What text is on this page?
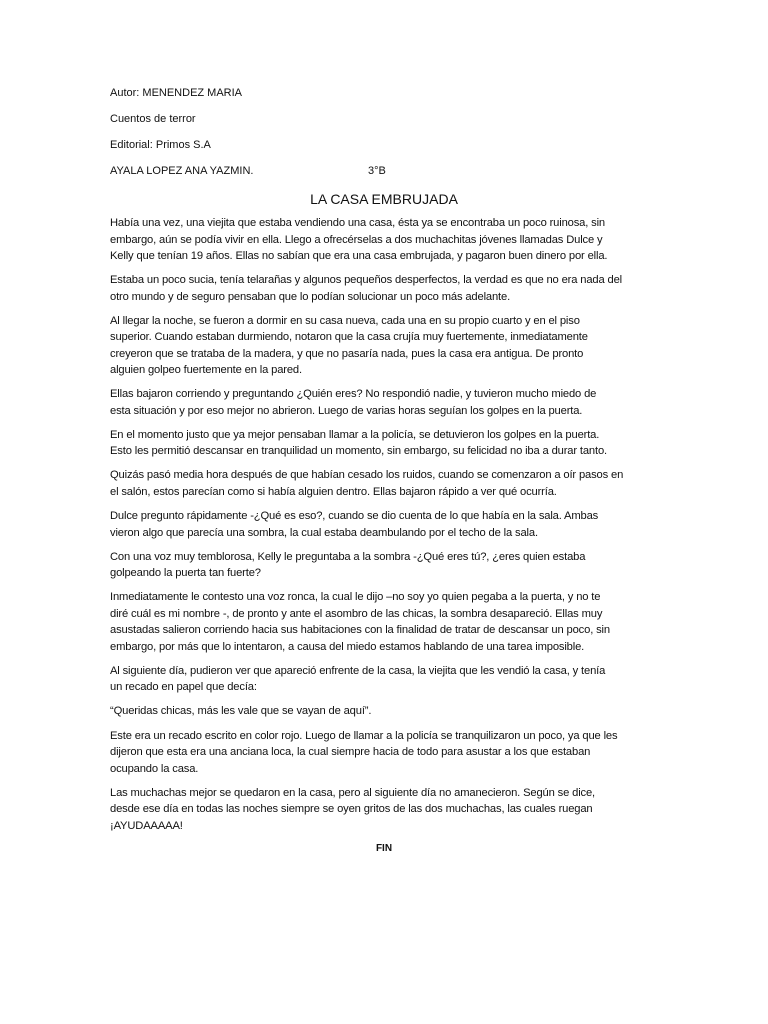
Autor: MENENDEZ MARIA
Cuentos de terror
Editorial: Primos S.A
AYALA LOPEZ ANA YAZMIN.	3°B
LA CASA EMBRUJADA
Había una vez, una viejita que estaba vendiendo una casa, ésta ya se encontraba un poco ruinosa, sin
embargo, aún se podía vivir en ella. Llego a ofrecérselas a dos muchachitas jóvenes llamadas Dulce y
Kelly que tenían 19 años. Ellas no sabían que era una casa embrujada, y pagaron buen dinero por ella.
Estaba un poco sucia, tenía telarañas y algunos pequeños desperfectos, la verdad es que no era nada del
otro mundo y de seguro pensaban que lo podían solucionar un poco más adelante.
Al llegar la noche, se fueron a dormir en su casa nueva, cada una en su propio cuarto y en el piso
superior. Cuando estaban durmiendo, notaron que la casa crujía muy fuertemente, inmediatamente
creyeron que se trataba de la madera, y que no pasaría nada, pues la casa era antigua. De pronto
alguien golpeo fuertemente en la pared.
Ellas bajaron corriendo y preguntando ¿Quién eres? No respondió nadie, y tuvieron mucho miedo de
esta situación y por eso mejor no abrieron. Luego de varias horas seguían los golpes en la puerta.
En el momento justo que ya mejor pensaban llamar a la policía, se detuvieron los golpes en la puerta.
Esto les permitió descansar en tranquilidad un momento, sin embargo, su felicidad no iba a durar tanto.
Quizás pasó media hora después de que habían cesado los ruidos, cuando se comenzaron a oír pasos en
el salón, estos parecían como si había alguien dentro. Ellas bajaron rápido a ver qué ocurría.
Dulce pregunto rápidamente -¿Qué es eso?, cuando se dio cuenta de lo que había en la sala. Ambas
vieron algo que parecía una sombra, la cual estaba deambulando por el techo de la sala.
Con una voz muy temblorosa, Kelly le preguntaba a la sombra -¿Qué eres tú?, ¿eres quien estaba
golpeando la puerta tan fuerte?
Inmediatamente le contesto una voz ronca, la cual le dijo –no soy yo quien pegaba a la puerta, y no te
diré cuál es mi nombre -, de pronto y ante el asombro de las chicas, la sombra desapareció. Ellas muy
asustadas salieron corriendo hacia sus habitaciones con la finalidad de tratar de descansar un poco, sin
embargo, por más que lo intentaron, a causa del miedo estamos hablando de una tarea imposible.
Al siguiente día, pudieron ver que apareció enfrente de la casa, la viejita que les vendió la casa, y tenía
un recado en papel que decía:
“Queridas chicas, más les vale que se vayan de aquí”.
Este era un recado escrito en color rojo. Luego de llamar a la policía se tranquilizaron un poco, ya que les
dijeron que esta era una anciana loca, la cual siempre hacia de todo para asustar a los que estaban
ocupando la casa.
Las muchachas mejor se quedaron en la casa, pero al siguiente día no amanecieron. Según se dice,
desde ese día en todas las noches siempre se oyen gritos de las dos muchachas, las cuales ruegan
¡AYUDAAAAA!
FIN
